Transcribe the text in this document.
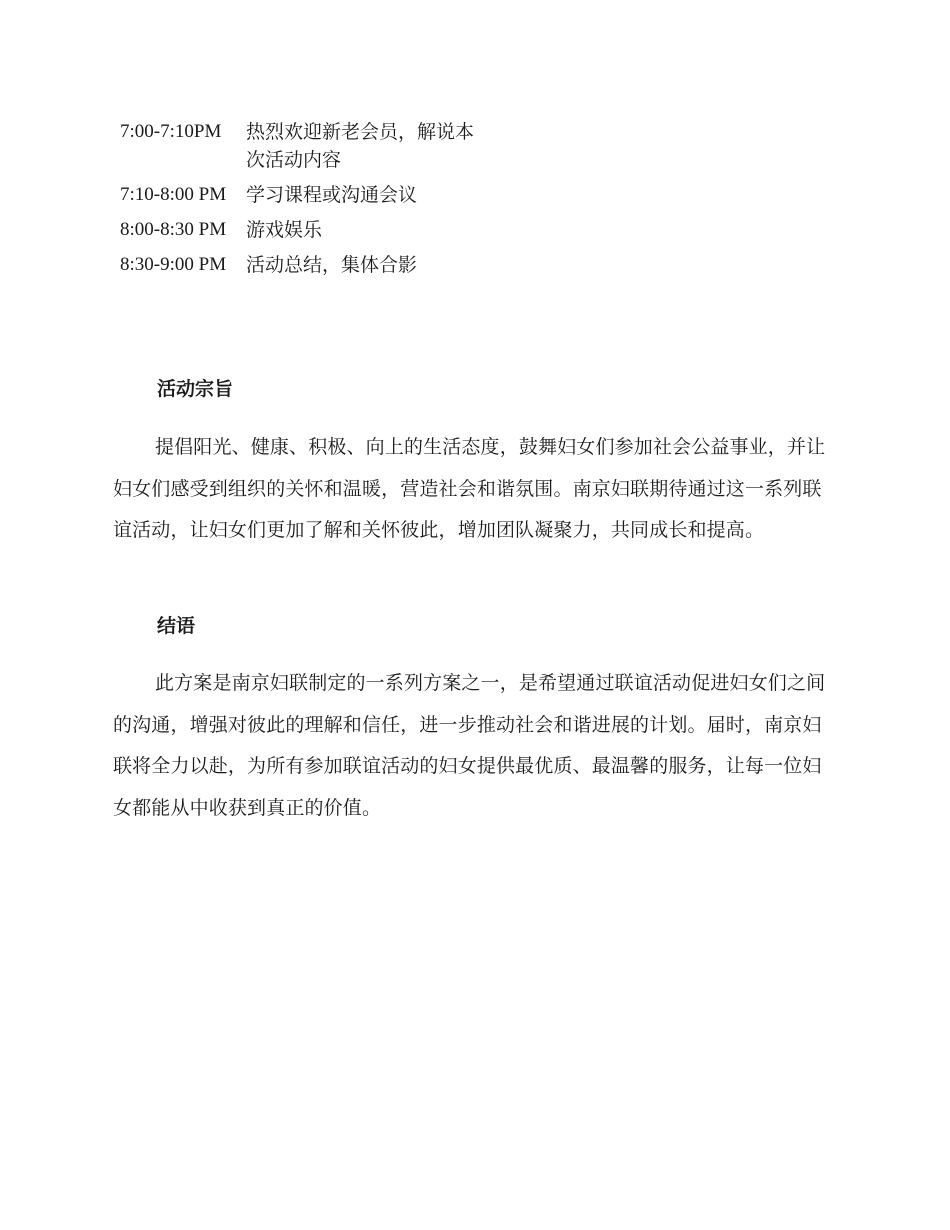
7:00-7:10PM	热烈欢迎新老会员，解说本次活动内容
7:10-8:00 PM	学习课程或沟通会议
8:00-8:30 PM	游戏娱乐
8:30-9:00 PM	活动总结，集体合影
活动宗旨
提倡阳光、健康、积极、向上的生活态度，鼓舞妇女们参加社会公益事业，并让妇女们感受到组织的关怀和温暖，营造社会和谐氛围。南京妇联期待通过这一系列联谊活动，让妇女们更加了解和关怀彼此，增加团队凝聚力，共同成长和提高。
结语
此方案是南京妇联制定的一系列方案之一，是希望通过联谊活动促进妇女们之间的沟通，增强对彼此的理解和信任，进一步推动社会和谐进展的计划。届时，南京妇联将全力以赴，为所有参加联谊活动的妇女提供最优质、最温馨的服务，让每一位妇女都能从中收获到真正的价值。
